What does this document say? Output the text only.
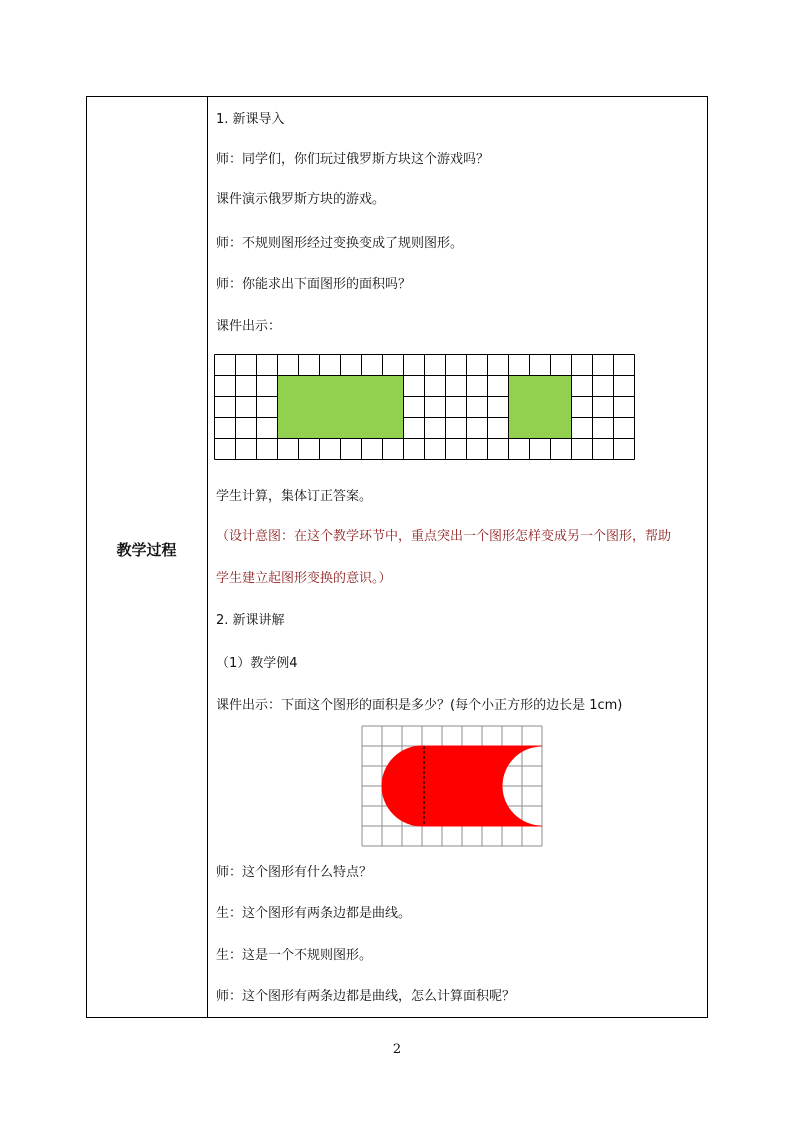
教学过程
1. 新课导入
师：同学们，你们玩过俄罗斯方块这个游戏吗？
课件演示俄罗斯方块的游戏。
师：不规则图形经过变换变成了规则图形。
师：你能求出下面图形的面积吗？
课件出示：
学生计算，集体订正答案。
（设计意图：在这个教学环节中，重点突出一个图形怎样变成另一个图形，帮助
学生建立起图形变换的意识。）
2. 新课讲解
（1）教学例4
课件出示：下面这个图形的面积是多少？(每个小正方形的边长是 1cm)
师：这个图形有什么特点？
生：这个图形有两条边都是曲线。
生：这是一个不规则图形。
师：这个图形有两条边都是曲线，怎么计算面积呢？
2
